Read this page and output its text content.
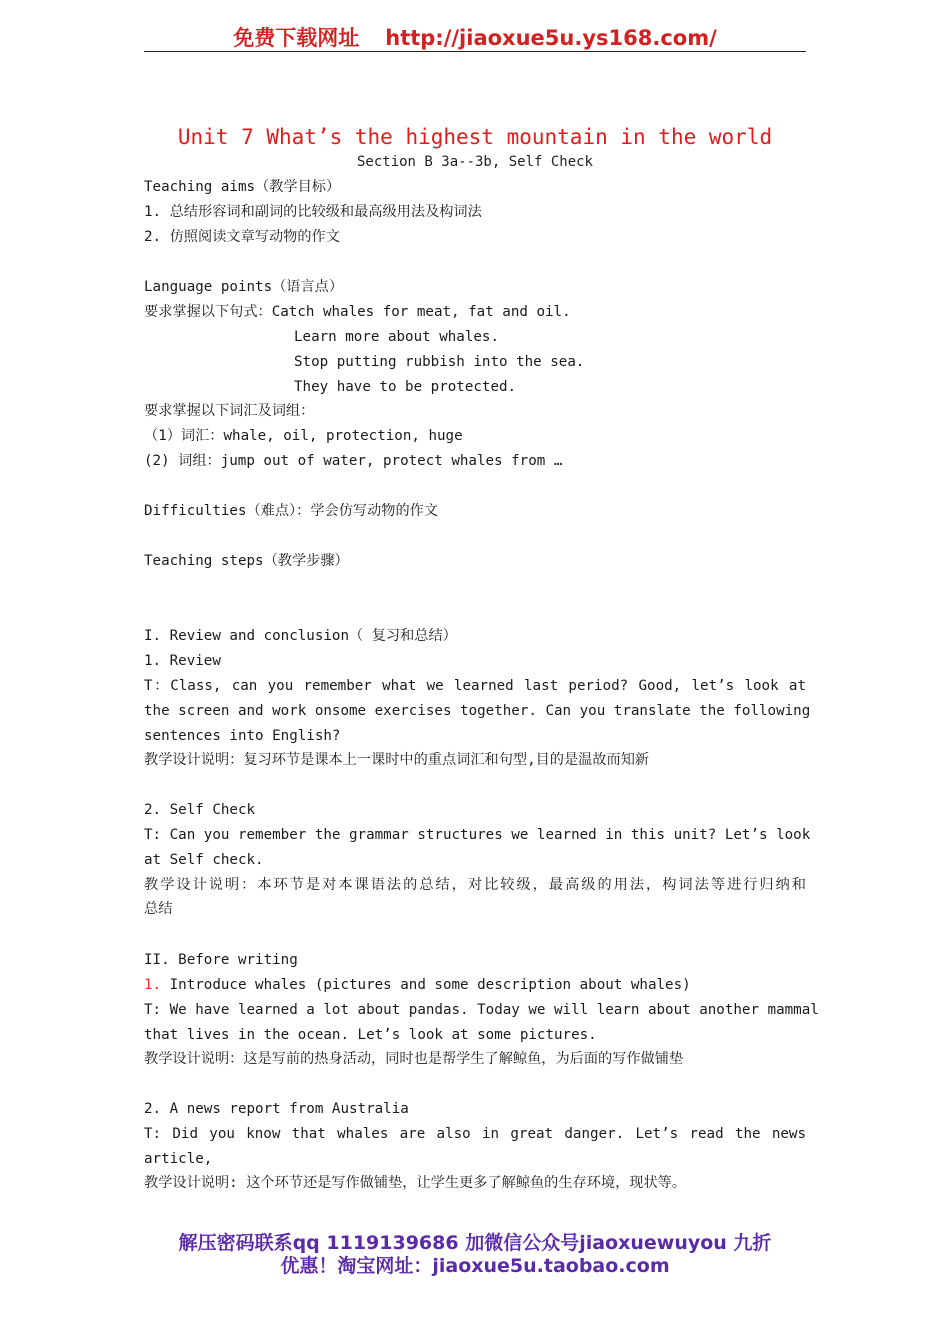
免费下载网址 http://jiaoxue5u.ys168.com/
Unit 7 What’s the highest mountain in the world
Section B 3a--3b, Self Check
Teaching aims（教学目标）
1. 总结形容词和副词的比较级和最高级用法及构词法
2. 仿照阅读文章写动物的作文
Language points（语言点）
要求掌握以下句式：Catch whales for meat, fat and oil.
Learn more about whales.
Stop putting rubbish into the sea.
They have to be protected.
要求掌握以下词汇及词组：
（1）词汇：whale, oil, protection, huge
(2) 词组：jump out of water, protect whales from …
Difficulties（难点）：学会仿写动物的作文
Teaching steps（教学步骤）
I. Review and conclusion（ 复习和总结）
1. Review
T：Class, can you remember what we learned last period? Good, let’s look at
the screen and work onsome exercises together. Can you translate the following
sentences into English?
教学设计说明：复习环节是课本上一课时中的重点词汇和句型,目的是温故而知新
2. Self Check
T: Can you remember the grammar structures we learned in this unit? Let’s look
at Self check.
教学设计说明：本环节是对本课语法的总结，对比较级，最高级的用法，构词法等进行归纳和
总结
II. Before writing
1. Introduce whales (pictures and some description about whales)
T: We have learned a lot about pandas. Today we will learn about another mammal
that lives in the ocean. Let’s look at some pictures.
教学设计说明：这是写前的热身活动，同时也是帮学生了解鲸鱼，为后面的写作做铺垫
2. A news report from Australia
T: Did you know that whales are also in great danger. Let’s read the news
article,
教学设计说明: 这个环节还是写作做铺垫，让学生更多了解鲸鱼的生存环境，现状等。
解压密码联系qq 1119139686 加微信公众号jiaoxuewuyou 九折
优惠！淘宝网址：jiaoxue5u.taobao.com
